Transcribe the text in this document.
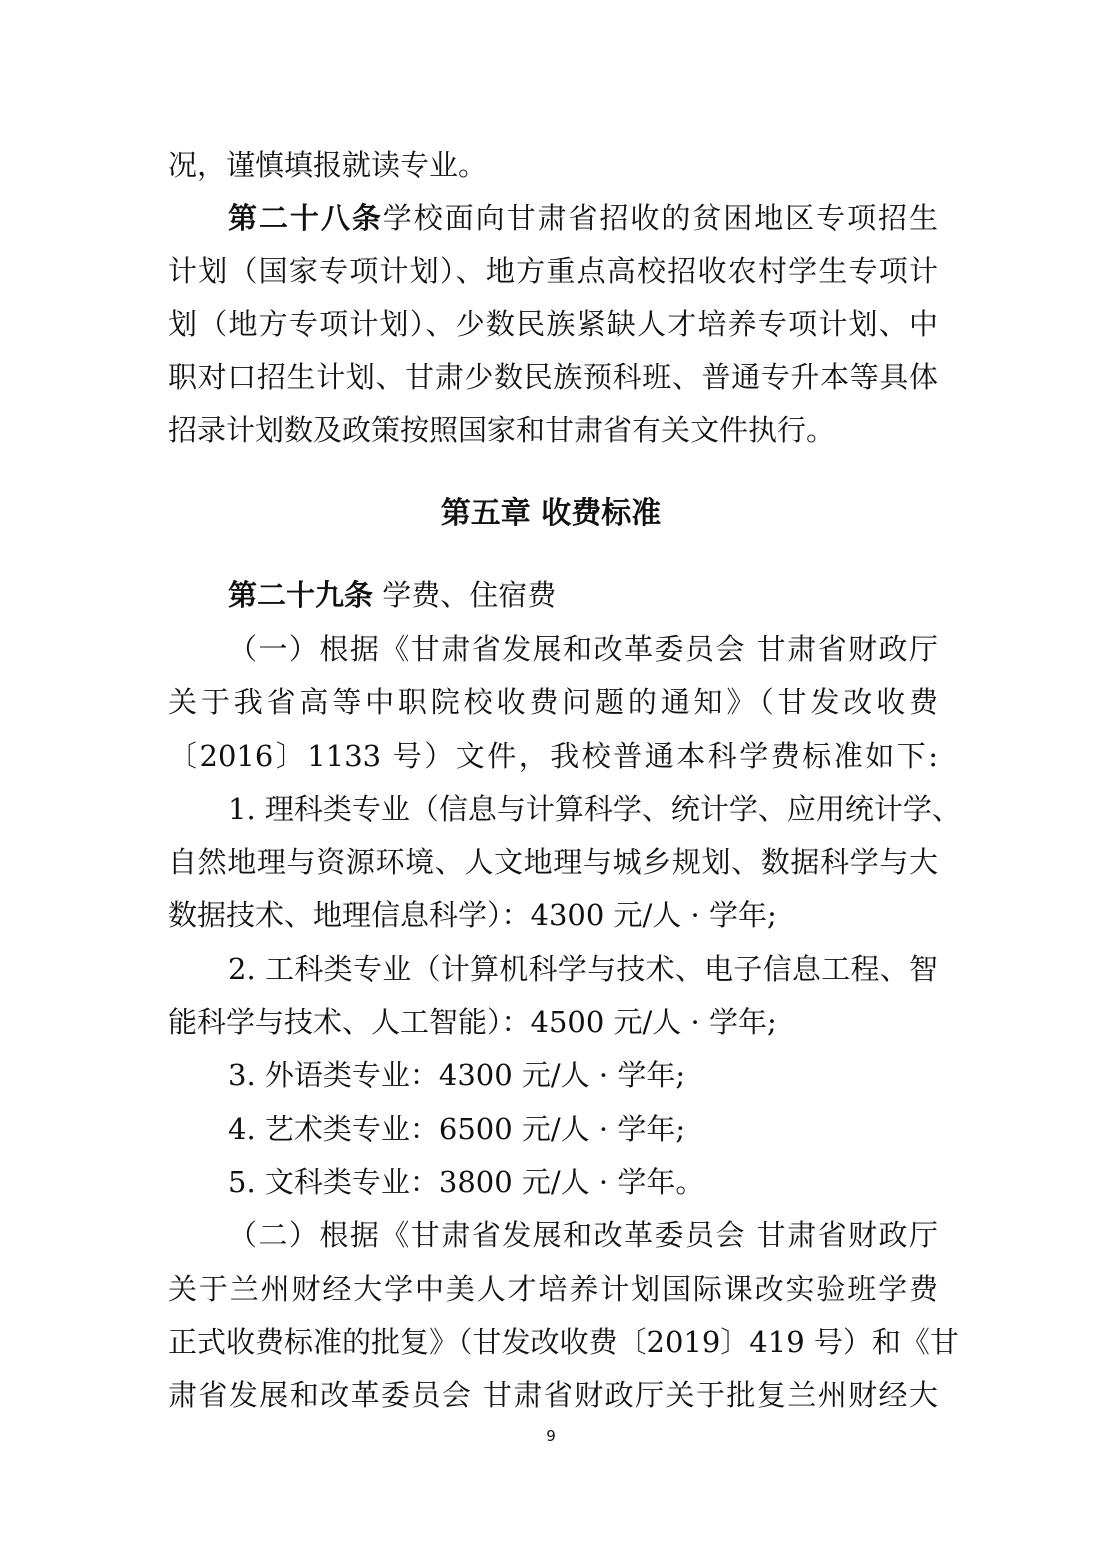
况，谨慎填报就读专业。
第二十八条学校面向甘肃省招收的贫困地区专项招生
计划（国家专项计划）、地方重点高校招收农村学生专项计
划（地方专项计划）、少数民族紧缺人才培养专项计划、中
职对口招生计划、甘肃少数民族预科班、普通专升本等具体
招录计划数及政策按照国家和甘肃省有关文件执行。
第五章 收费标准
第二十九条 学费、住宿费
（一）根据《甘肃省发展和改革委员会 甘肃省财政厅
关于我省高等中职院校收费问题的通知》（甘发改收费
〔2016〕1133 号）文件，我校普通本科学费标准如下:
1. 理科类专业（信息与计算科学、统计学、应用统计学、
自然地理与资源环境、人文地理与城乡规划、数据科学与大
数据技术、地理信息科学）：4300 元/人 · 学年;
2. 工科类专业（计算机科学与技术、电子信息工程、智
能科学与技术、人工智能）：4500 元/人 · 学年;
3. 外语类专业：4300 元/人 · 学年;
4. 艺术类专业：6500 元/人 · 学年;
5. 文科类专业：3800 元/人 · 学年。
（二）根据《甘肃省发展和改革委员会 甘肃省财政厅
关于兰州财经大学中美人才培养计划国际课改实验班学费
正式收费标准的批复》（甘发改收费〔2019〕419 号）和《甘
肃省发展和改革委员会 甘肃省财政厅关于批复兰州财经大
9
